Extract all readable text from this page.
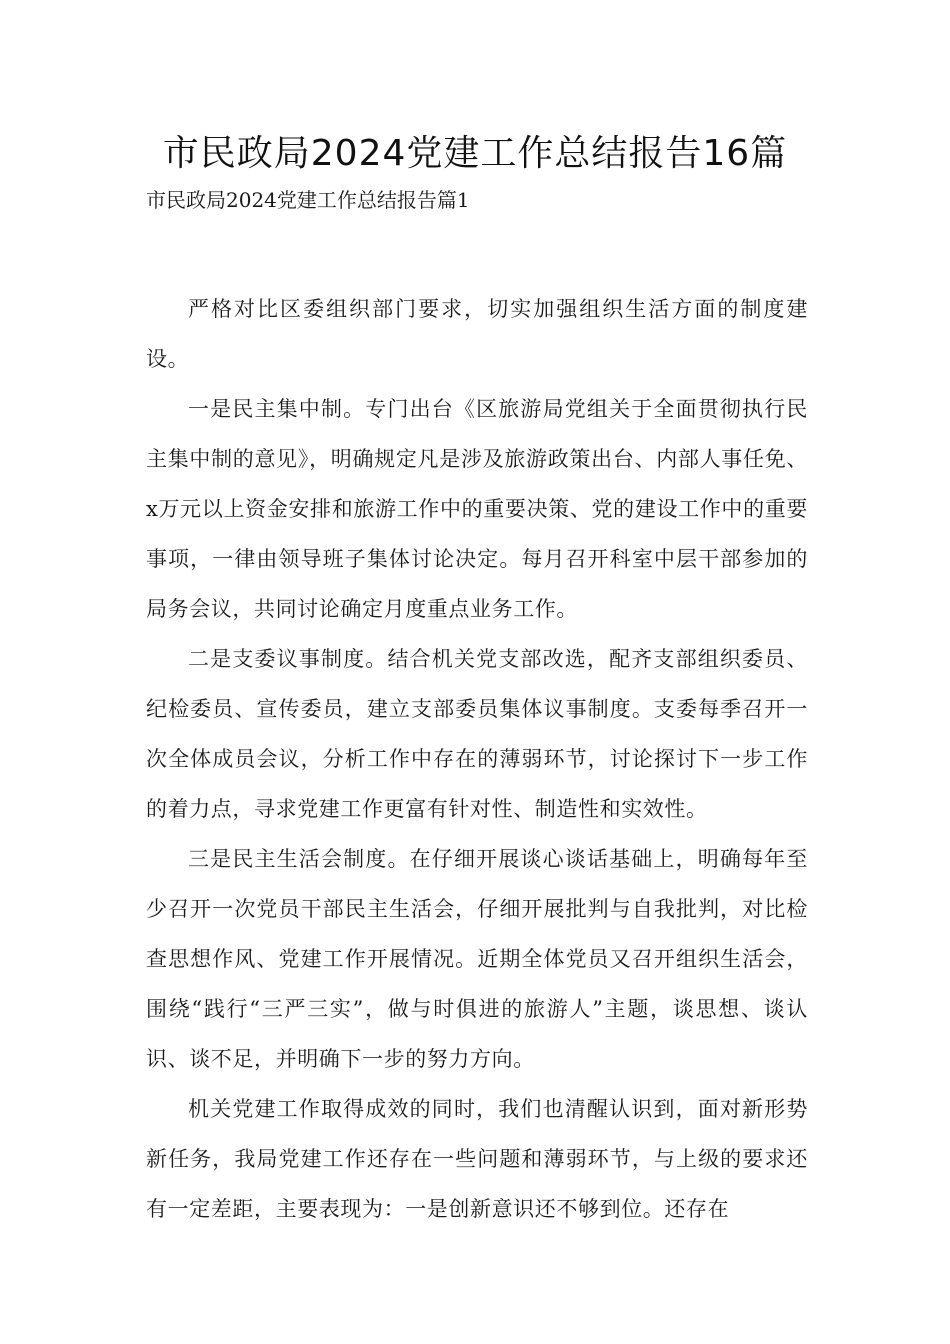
市民政局2024党建工作总结报告16篇

市民政局2024党建工作总结报告篇1

严格对比区委组织部门要求，切实加强组织生活方面的制度建设。

一是民主集中制。专门出台《区旅游局党组关于全面贯彻执行民主集中制的意见》，明确规定凡是涉及旅游政策出台、内部人事任免、x万元以上资金安排和旅游工作中的重要决策、党的建设工作中的重要事项，一律由领导班子集体讨论决定。每月召开科室中层干部参加的局务会议，共同讨论确定月度重点业务工作。

二是支委议事制度。结合机关党支部改选，配齐支部组织委员、纪检委员、宣传委员，建立支部委员集体议事制度。支委每季召开一次全体成员会议，分析工作中存在的薄弱环节，讨论探讨下一步工作的着力点，寻求党建工作更富有针对性、制造性和实效性。

三是民主生活会制度。在仔细开展谈心谈话基础上，明确每年至少召开一次党员干部民主生活会，仔细开展批判与自我批判，对比检查思想作风、党建工作开展情况。近期全体党员又召开组织生活会，围绕“践行“三严三实”，做与时俱进的旅游人”主题，谈思想、谈认识、谈不足，并明确下一步的努力方向。

机关党建工作取得成效的同时，我们也清醒认识到，面对新形势新任务，我局党建工作还存在一些问题和薄弱环节，与上级的要求还有一定差距，主要表现为：一是创新意识还不够到位。还存在
